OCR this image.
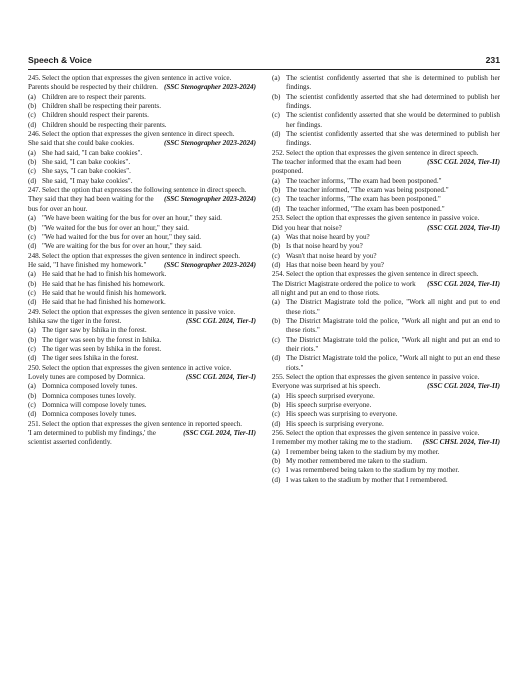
Speech & Voice	231
245. Select the option that expresses the given sentence in active voice.
(SSC Stenographer 2023-2024)
Parents should be respected by their children.
(a) Children are to respect their parents.
(b) Children shall be respecting their parents.
(c) Children should respect their parents.
(d) Children should be respecting their parents.
246. Select the option that expresses the given sentence in direct speech.
(SSC Stenographer 2023-2024)
She said that she could bake cookies.
(a) She had said, "I can bake cookies".
(b) She said, "I can bake cookies".
(c) She says, "I can bake cookies".
(d) She said, "I may bake cookies".
247. Select the option that expresses the following sentence in direct speech.
(SSC Stenographer 2023-2024)
They said that they had been waiting for the bus for over an hour.
(a) "We have been waiting for the bus for over an hour," they said.
(b) "We waited for the bus for over an hour," they said.
(c) "We had waited for the bus for over an hour," they said.
(d) "We are waiting for the bus for over an hour," they said.
248. Select the option that expresses the given sentence in indirect speech.
(SSC Stenographer 2023-2024)
He said, "I have finished my homework."
(a) He said that he had to finish his homework.
(b) He said that he has finished his homework.
(c) He said that he would finish his homework.
(d) He said that he had finished his homework.
249. Select the option that expresses the given sentence in passive voice.
(SSC CGL 2024, Tier-I)
Ishika saw the tiger in the forest.
(a) The tiger saw by Ishika in the forest.
(b) The tiger was seen by the forest in Ishika.
(c) The tiger was seen by Ishika in the forest.
(d) The tiger sees Ishika in the forest.
250. Select the option that expresses the given sentence in active voice.
(SSC CGL 2024, Tier-I)
Lovely tunes are composed by Domnica.
(a) Domnica composed lovely tunes.
(b) Domnica composes tunes lovely.
(c) Domnica will compose lovely tunes.
(d) Domnica composes lovely tunes.
251. Select the option that expresses the given sentence in reported speech.
(SSC CGL 2024, Tier-II)
'I am determined to publish my findings,' the scientist asserted confidently.
(a) The scientist confidently asserted that she is determined to publish her findings.
(b) The scientist confidently asserted that she had determined to publish her findings.
(c) The scientist confidently asserted that she would be determined to publish her findings.
(d) The scientist confidently asserted that she was determined to publish her findings.
252. Select the option that expresses the given sentence in direct speech.
(SSC CGL 2024, Tier-II)
The teacher informed that the exam had been postponed.
(a) The teacher informs, "The exam had been postponed."
(b) The teacher informed, "The exam was being postponed."
(c) The teacher informs, "The exam has been postponed."
(d) The teacher informed, "The exam has been postponed."
253. Select the option that expresses the given sentence in passive voice.
(SSC CGL 2024, Tier-II)
Did you hear that noise?
(a) Was that noise heard by you?
(b) Is that noise heard by you?
(c) Wasn't that noise heard by you?
(d) Has that noise been heard by you?
254. Select the option that expresses the given sentence in direct speech.
(SSC CGL 2024, Tier-II)
The District Magistrate ordered the police to work all night and put an end to those riots.
(a) The District Magistrate told the police, "Work all night and put to end these riots."
(b) The District Magistrate told the police, "Work all night and put an end to these riots."
(c) The District Magistrate told the police, "Work all night and put an end to their riots."
(d) The District Magistrate told the police, "Work all night to put an end these riots."
255. Select the option that expresses the given sentence in passive voice.
(SSC CGL 2024, Tier-II)
Everyone was surprised at his speech.
(a) His speech surprised everyone.
(b) His speech surprise everyone.
(c) His speech was surprising to everyone.
(d) His speech is surprising everyone.
256. Select the option that expresses the given sentence in passive voice.
(SSC CHSL 2024, Tier-II)
I remember my mother taking me to the stadium.
(a) I remember being taken to the stadium by my mother.
(b) My mother remembered me taken to the stadium.
(c) I was remembered being taken to the stadium by my mother.
(d) I was taken to the stadium by mother that I remembered.
